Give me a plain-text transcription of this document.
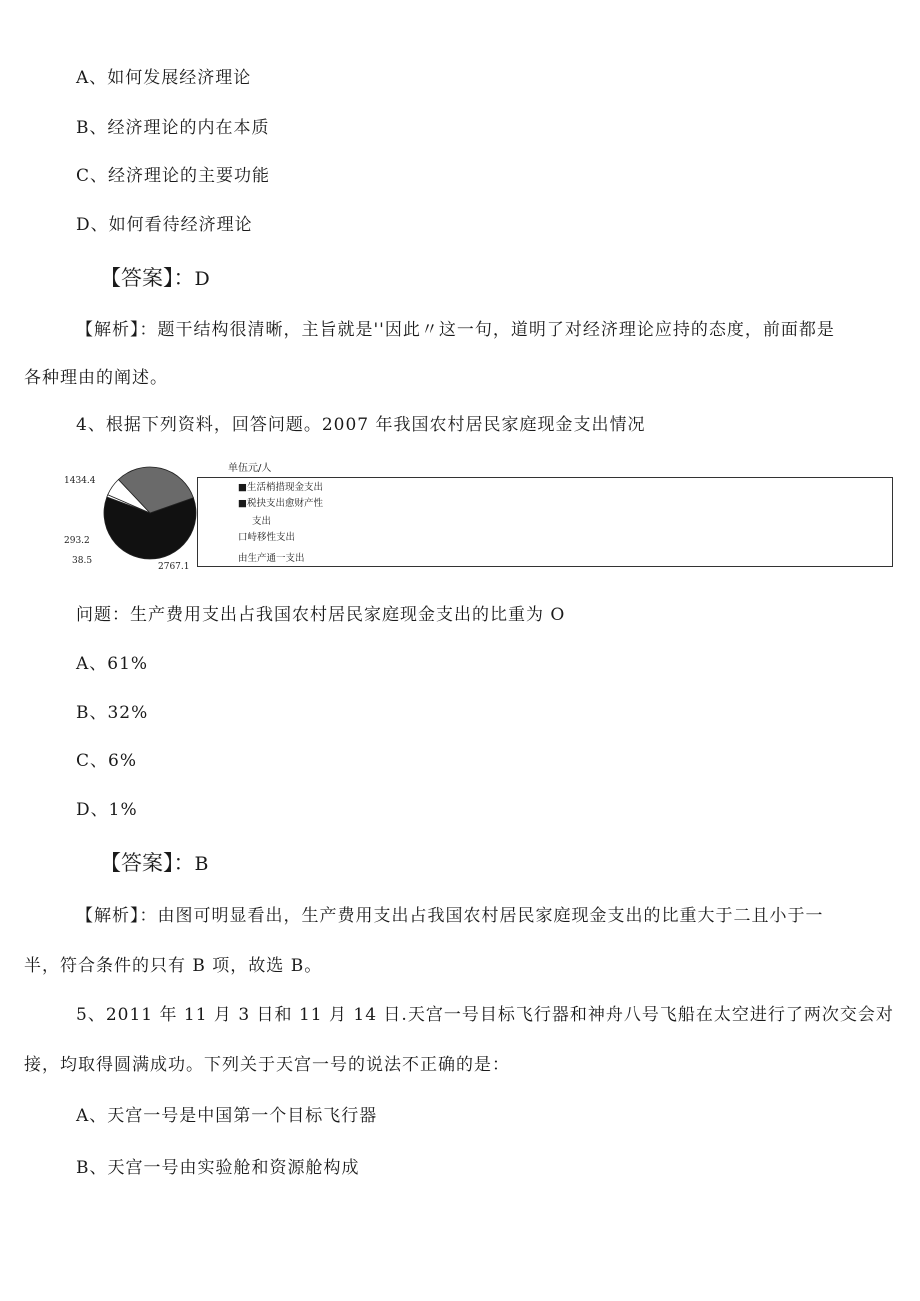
A、如何发展经济理论
B、经济理论的内在本质
C、经济理论的主要功能
D、如何看待经济理论
【答案】：D
【解析】：题干结构很清晰，主旨就是''因此〃这一句，道明了对经济理论应持的态度，前面都是
各种理由的阐述。
4、根据下列资料，回答问题。2007 年我国农村居民家庭现金支出情况
2767.1
38.5
293.2
1434.4
单伍元/人
■生活梢措现金支出
■税抉支出愈财产性
支出
口峙移性支出
由生产通一支出
问题：生产费用支出占我国农村居民家庭现金支出的比重为 O
A、61%
B、32%
C、6%
D、1%
【答案】：B
【解析】：由图可明显看出，生产费用支出占我国农村居民家庭现金支出的比重大于二且小于一
半，符合条件的只有 B 项，故选 B。
5、2011 年 11 月 3 日和 11 月 14 日.天宫一号目标飞行器和神舟八号飞船在太空进行了两次交会对
接，均取得圆满成功。下列关于天宫一号的说法不正确的是：
A、天宫一号是中国第一个目标飞行器
B、天宫一号由实验舱和资源舱构成
